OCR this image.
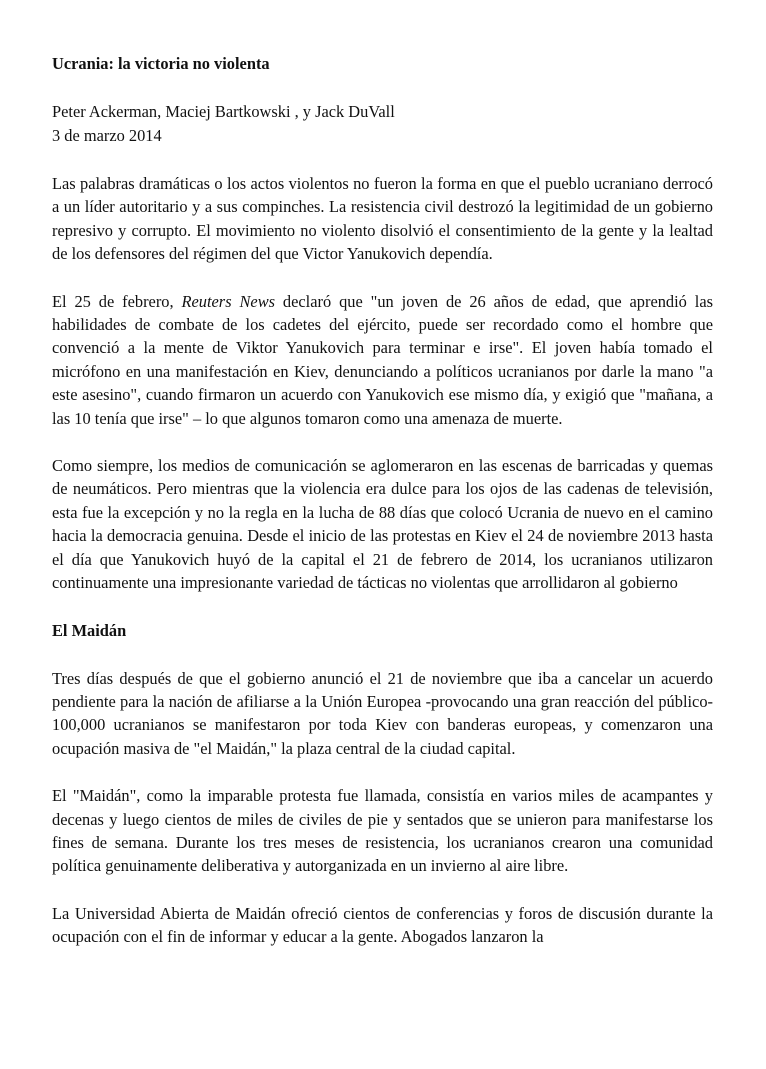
Ucrania: la victoria no violenta
Peter Ackerman, Maciej Bartkowski , y Jack DuVall
3 de marzo 2014

Las palabras dramáticas o los actos violentos no fueron la forma en que el pueblo ucraniano derrocó a un líder autoritario y a sus compinches. La resistencia civil destrozó la legitimidad de un gobierno represivo y corrupto. El movimiento no violento disolvió el consentimiento de la gente y la lealtad de los defensores del régimen del que Victor Yanukovich dependía.

El 25 de febrero, Reuters News declaró que "un joven de 26 años de edad, que aprendió las habilidades de combate de los cadetes del ejército, puede ser recordado como el hombre que convenció a la mente de Viktor Yanukovich para terminar e irse". El joven había tomado el micrófono en una manifestación en Kiev, denunciando a políticos ucranianos por darle la mano "a este asesino", cuando firmaron un acuerdo con Yanukovich ese mismo día, y exigió que "mañana, a las 10 tenía que irse" – lo que algunos tomaron como una amenaza de muerte.

Como siempre, los medios de comunicación se aglomeraron en las escenas de barricadas y quemas de neumáticos. Pero mientras que la violencia era dulce para los ojos de las cadenas de televisión, esta fue la excepción y no la regla en la lucha de 88 días que colocó Ucrania de nuevo en el camino hacia la democracia genuina. Desde el inicio de las protestas en Kiev el 24 de noviembre 2013 hasta el día que Yanukovich huyó de la capital el 21 de febrero de 2014, los ucranianos utilizaron continuamente una impresionante variedad de tácticas no violentas que arrollidaron al gobierno

El Maidán

Tres días después de que el gobierno anunció el 21 de noviembre que iba a cancelar un acuerdo pendiente para la nación de afiliarse a la Unión Europea -provocando una gran reacción del público- 100,000 ucranianos se manifestaron por toda Kiev con banderas europeas, y comenzaron una ocupación masiva de "el Maidán," la plaza central de la ciudad capital.

El "Maidán", como la imparable protesta fue llamada, consistía en varios miles de acampantes y decenas y luego cientos de miles de civiles de pie y sentados que se unieron para manifestarse los fines de semana. Durante los tres meses de resistencia, los ucranianos crearon una comunidad política genuinamente deliberativa y autorganizada en un invierno al aire libre.

La Universidad Abierta de Maidán ofreció cientos de conferencias y foros de discusión durante la ocupación con el fin de informar y educar a la gente. Abogados lanzaron la
